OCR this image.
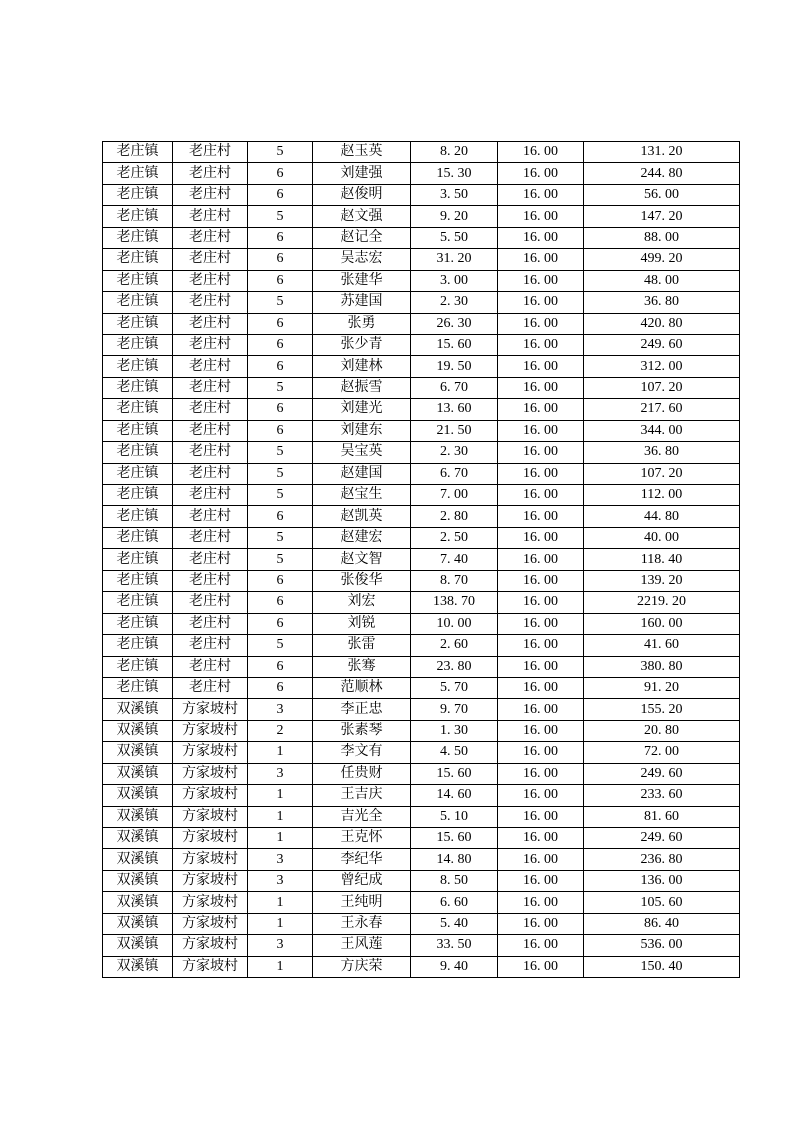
老庄镇	老庄村	5	赵玉英	8. 20	16. 00	131. 20
老庄镇	老庄村	6	刘建强	15. 30	16. 00	244. 80
老庄镇	老庄村	6	赵俊明	3. 50	16. 00	56. 00
老庄镇	老庄村	5	赵文强	9. 20	16. 00	147. 20
老庄镇	老庄村	6	赵记全	5. 50	16. 00	88. 00
老庄镇	老庄村	6	吴志宏	31. 20	16. 00	499. 20
老庄镇	老庄村	6	张建华	3. 00	16. 00	48. 00
老庄镇	老庄村	5	苏建国	2. 30	16. 00	36. 80
老庄镇	老庄村	6	张勇	26. 30	16. 00	420. 80
老庄镇	老庄村	6	张少青	15. 60	16. 00	249. 60
老庄镇	老庄村	6	刘建林	19. 50	16. 00	312. 00
老庄镇	老庄村	5	赵振雪	6. 70	16. 00	107. 20
老庄镇	老庄村	6	刘建光	13. 60	16. 00	217. 60
老庄镇	老庄村	6	刘建东	21. 50	16. 00	344. 00
老庄镇	老庄村	5	吴宝英	2. 30	16. 00	36. 80
老庄镇	老庄村	5	赵建国	6. 70	16. 00	107. 20
老庄镇	老庄村	5	赵宝生	7. 00	16. 00	112. 00
老庄镇	老庄村	6	赵凯英	2. 80	16. 00	44. 80
老庄镇	老庄村	5	赵建宏	2. 50	16. 00	40. 00
老庄镇	老庄村	5	赵文智	7. 40	16. 00	118. 40
老庄镇	老庄村	6	张俊华	8. 70	16. 00	139. 20
老庄镇	老庄村	6	刘宏	138. 70	16. 00	2219. 20
老庄镇	老庄村	6	刘锐	10. 00	16. 00	160. 00
老庄镇	老庄村	5	张雷	2. 60	16. 00	41. 60
老庄镇	老庄村	6	张骞	23. 80	16. 00	380. 80
老庄镇	老庄村	6	范顺林	5. 70	16. 00	91. 20
双溪镇	方家坡村	3	李正忠	9. 70	16. 00	155. 20
双溪镇	方家坡村	2	张素琴	1. 30	16. 00	20. 80
双溪镇	方家坡村	1	李文有	4. 50	16. 00	72. 00
双溪镇	方家坡村	3	任贵财	15. 60	16. 00	249. 60
双溪镇	方家坡村	1	王吉庆	14. 60	16. 00	233. 60
双溪镇	方家坡村	1	吉光全	5. 10	16. 00	81. 60
双溪镇	方家坡村	1	王克怀	15. 60	16. 00	249. 60
双溪镇	方家坡村	3	李纪华	14. 80	16. 00	236. 80
双溪镇	方家坡村	3	曾纪成	8. 50	16. 00	136. 00
双溪镇	方家坡村	1	王纯明	6. 60	16. 00	105. 60
双溪镇	方家坡村	1	王永春	5. 40	16. 00	86. 40
双溪镇	方家坡村	3	王风莲	33. 50	16. 00	536. 00
双溪镇	方家坡村	1	方庆荣	9. 40	16. 00	150. 40
